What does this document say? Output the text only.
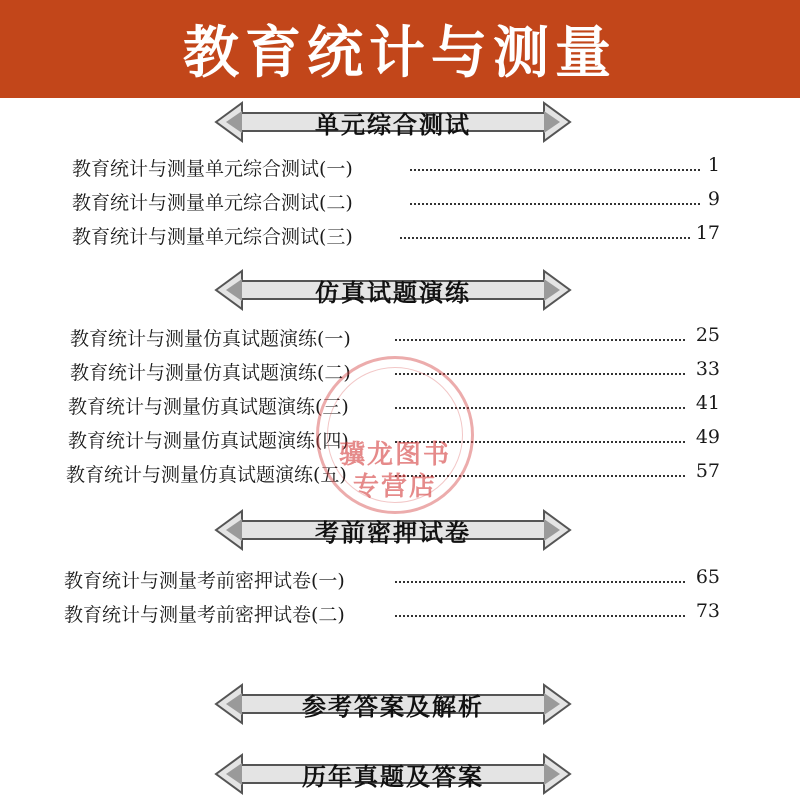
教育统计与测量
单元综合测试
教育统计与测量单元综合测试(一)	1
教育统计与测量单元综合测试(二)	9
教育统计与测量单元综合测试(三)	17
仿真试题演练
教育统计与测量仿真试题演练(一)	25
教育统计与测量仿真试题演练(二)	33
教育统计与测量仿真试题演练(三)	41
教育统计与测量仿真试题演练(四)	49
教育统计与测量仿真试题演练(五)	57
考前密押试卷
教育统计与测量考前密押试卷(一)	65
教育统计与测量考前密押试卷(二)	73
参考答案及解析
历年真题及答案
骥龙图书
专营店
